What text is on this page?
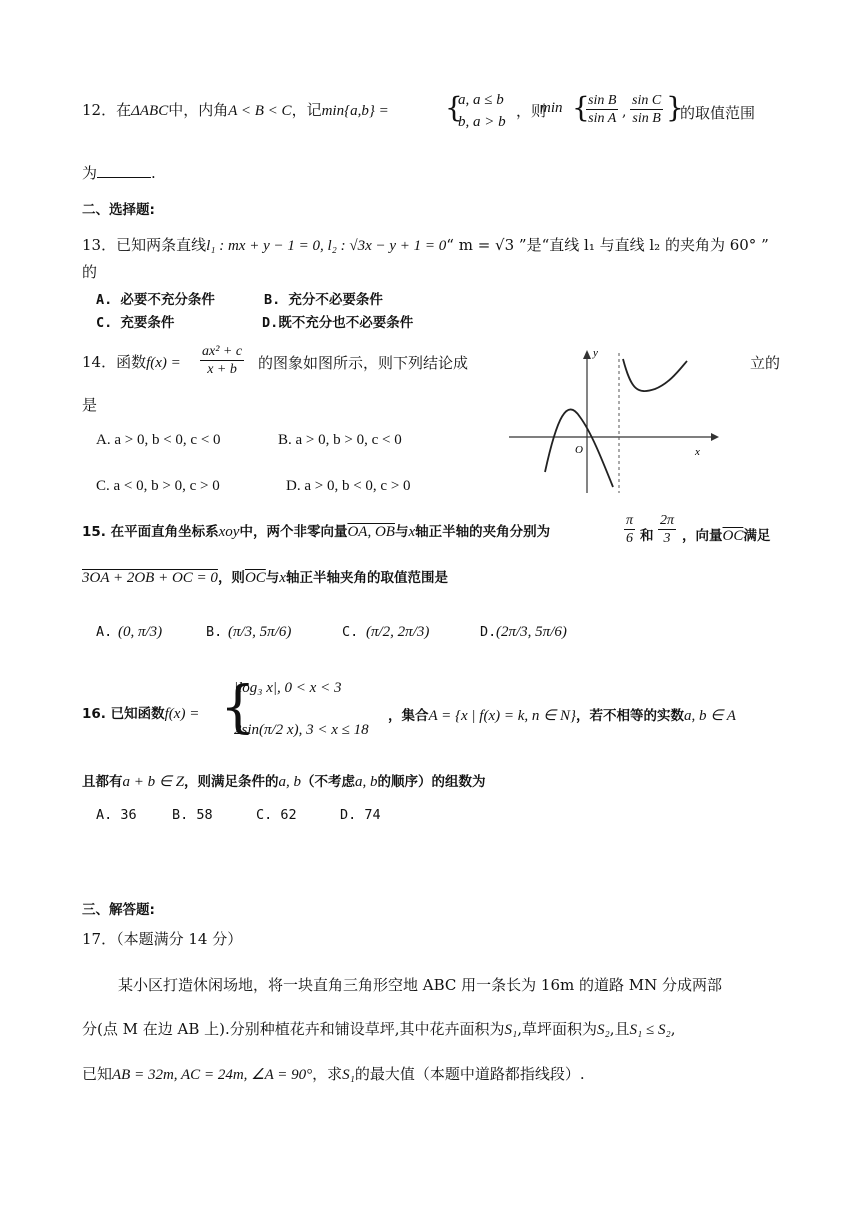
12．在ΔABC中，内角A < B < C，记min{a,b} = {
a, a ≤ b
b, a > b
，则
min {
$\frac{\text{sin B}}{\text{sin A}}$ , $\frac{\text{sin C}}{\text{sin B}}$ }
的取值范围
为	.
二、选择题:
13．已知两条直线l₁ : mx + y − 1 = 0, l₂ : √3x − y + 1 = 0“ m = √3 ”是“直线 l₁ 与直线 l₂ 的夹角为 60° ”
的
A. 必要不充分条件	B. 充分不必要条件
C. 充要条件	D.既不充分也不必要条件
14．函数$f(x) = \frac{\text{ax² + c}}{x + b}$ 的图象如图所示，则下列结论成	立的
是
y
x
O
A. a > 0, b < 0, c < 0	B. a > 0, b > 0, c < 0
C. a < 0, b > 0, c > 0	D. a > 0, b < 0, c > 0
15. 在平面直角坐标系xoy中，两个非零向量OA, OB与x轴正半轴的夹角分别为	$\frac{\pi}{6}$ 和 $\frac{2\pi}{3}$ ，向量$\overline{OC}$满足
3OA + 2OB + OC = 0，则$\overline{OC}$与x轴正半轴夹角的取值范围是
A. (0, π/3)	B. (π/3, 5π/6)	C. (π/2, 2π/3)	D. (2π/3, 5π/6)
16. 已知函数f(x) = {
|log₃ x|, 0 < x < 3
2sin(π/2 x), 3 < x ≤ 18
，集合A = {x | f(x) = k, n ∈ N}，若不相等的实数a, b ∈ A
且都有a + b ∈ Z，则满足条件的a, b（不考虑a, b的顺序）的组数为
A. 36	B. 58	C. 62	D. 74
三、解答题:
17．（本题满分 14 分）
某小区打造休闲场地，将一块直角三角形空地 ABC 用一条长为 16m 的道路 MN 分成两部
分(点 M 在边 AB 上).分别种植花卉和铺设草坪,其中花卉面积为S₁,草坪面积为S₂,且S₁ ≤ S₂,
已知AB = 32m, AC = 24m, ∠A = 90°，求S₁的最大值（本题中道路都指线段）.
